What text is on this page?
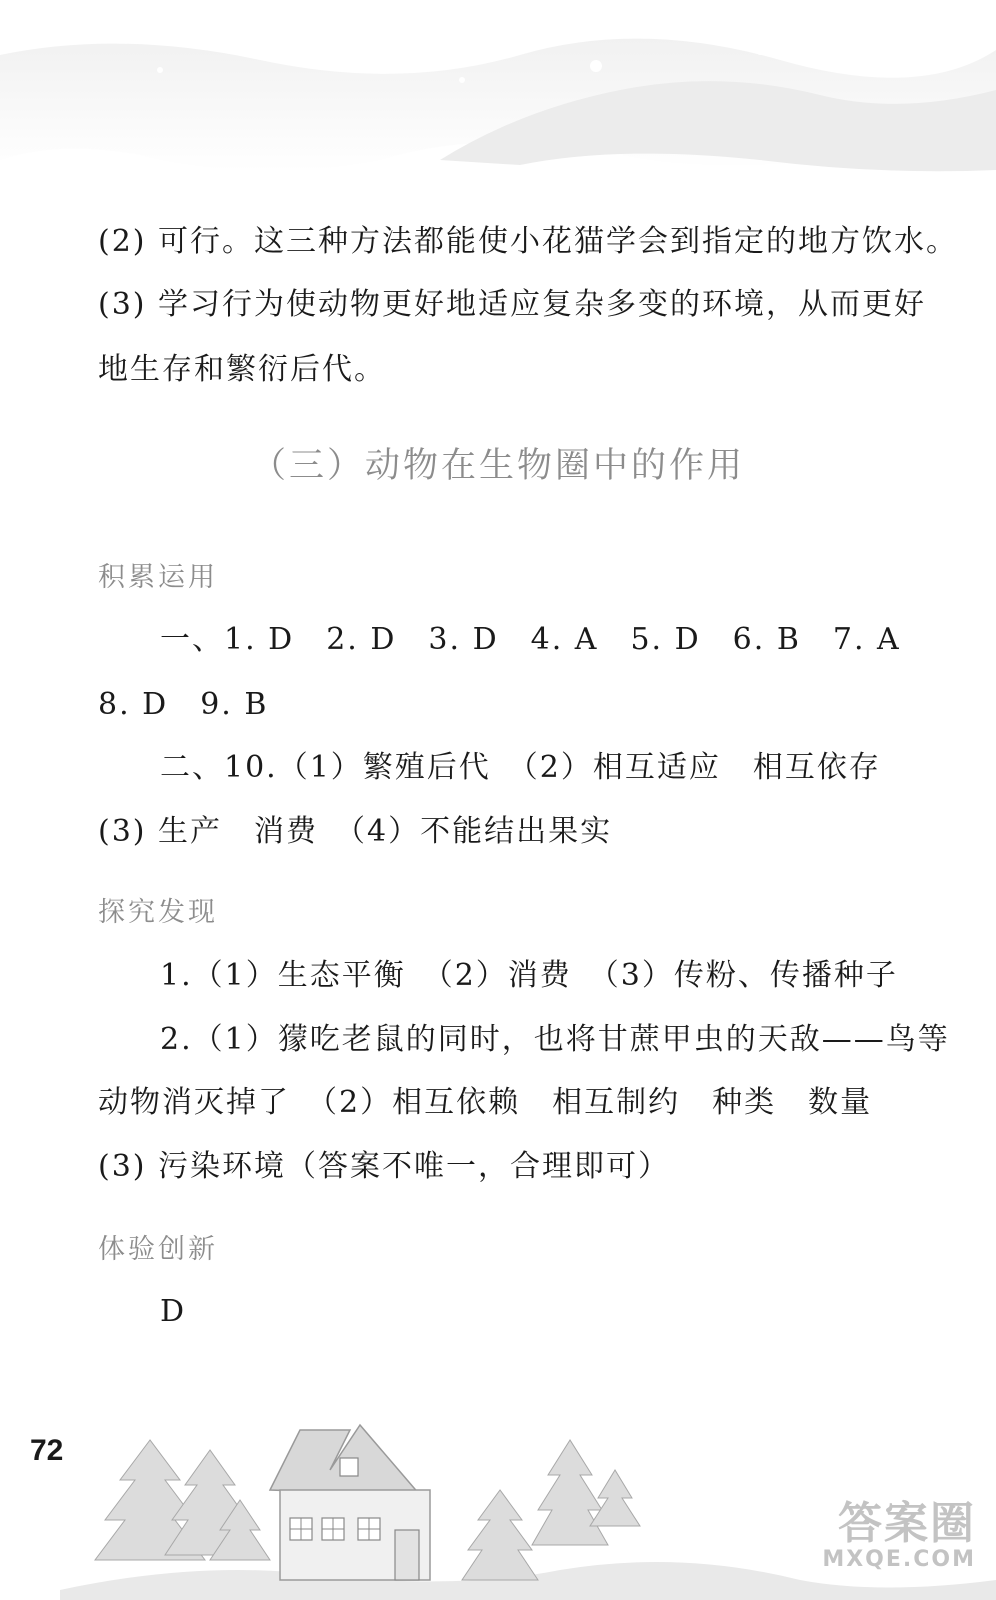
(2) 可行。这三种方法都能使小花猫学会到指定的地方饮水。
(3) 学习行为使动物更好地适应复杂多变的环境，从而更好
地生存和繁衍后代。
（三）动物在生物圈中的作用
积累运用
一、1. D　2. D　3. D　4. A　5. D　6. B　7. A
8. D　9. B
二、10.（1）繁殖后代　（2）相互适应　相互依存
(3) 生产　消费　（4）不能结出果实
探究发现
1.（1）生态平衡　（2）消费　（3）传粉、传播种子
2.（1）獴吃老鼠的同时，也将甘蔗甲虫的天敌——鸟等
动物消灭掉了　（2）相互依赖　相互制约　种类　数量
(3) 污染环境（答案不唯一，合理即可）
体验创新
D
72
答案圈
MXQE.COM
